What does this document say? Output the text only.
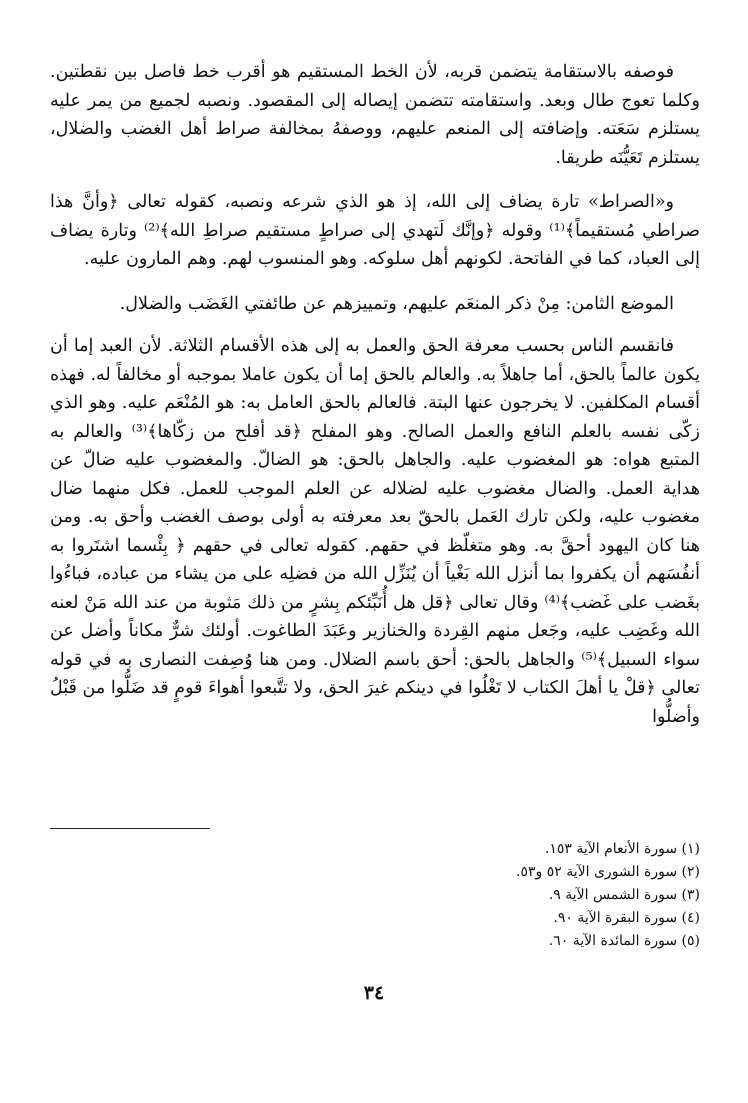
فوصفه بالاستقامة يتضمن قربه، لأن الخط المستقيم هو أقرب خط فاصل بين نقطتين. وكلما تعوج طال وبعد. واستقامته تتضمن إيصاله إلى المقصود. ونصبه لجميع من يمر عليه يستلزم سَعَته. وإضافته إلى المنعم عليهم، ووصفهُ بمخالفة صراط أهل الغضب والضلال، يستلزم تَعَيُّنَه طريقا.

و«الصراط» تارة يضاف إلى الله، إذ هو الذي شرعه ونصبه، كقوله تعالى ﴿وأنَّ هذا صراطي مُستقيماً﴾⁽¹⁾ وقوله ﴿وإنَّك لَتهدي إلى صراطٍ مستقيم صراطِ الله﴾⁽²⁾ وتارة يضاف إلى العباد، كما في الفاتحة. لكونهم أهل سلوكه. وهو المنسوب لهم. وهم المارون عليه.

الموضع الثامن: مِنْ ذكر المنعَم عليهم، وتمييزهم عن طائفتي الغَضَب والضلال.

فانقسم الناس بحسب معرفة الحق والعمل به إلى هذه الأقسام الثلاثة. لأن العبد إما أن يكون عالماً بالحق، أما جاهلاً به. والعالم بالحق إما أن يكون عاملا بموجبه أو مخالفاً له. فهذه أقسام المكلفين. لا يخرجون عنها البتة. فالعالم بالحق العامل به: هو المُنْعَم عليه. وهو الذي زكّى نفسه بالعلم النافع والعمل الصالح. وهو المفلح ﴿قد أفلح من زكّاها﴾⁽³⁾ والعالم به المتبع هواه: هو المغضوب عليه. والجاهل بالحق: هو الضالّ. والمغضوب عليه ضالّ عن هداية العمل. والضال مغضوب عليه لضلاله عن العلم الموجب للعمل. فكل منهما ضال مغضوب عليه، ولكن تارك العَمل بالحقّ بعد معرفته به أولى بوصف الغضب وأحق به. ومن هنا كان اليهود أحقَّ به. وهو متغلّظ في حقهم. كقوله تعالى في حقهم ﴿ بِئْسما اشتَروا به أنفُسَهم أن يكفروا بما أنزل الله بَغْياً أن يُنَزِّل الله من فضلِه على من يشاء من عباده، فباءُوا بغَضب على غَضب﴾⁽⁴⁾ وقال تعالى ﴿قل هل أُنَبِّئكم بِشرٍ من ذلك مَثوبة من عند الله مَنْ لعنه الله وغَضِب عليه، وجَعل منهم القِردة والخنازير وعَبَدَ الطاغوت. أولئك شرٌّ مكاناً وأضل عن سواء السبيل﴾⁽⁵⁾ والجاهل بالحق: أحق باسم الضلال. ومن هنا وُصِفت النصارى به في قوله تعالى ﴿قلْ يا أهلَ الكتاب لا تَغْلُوا في دينكم غيرَ الحق، ولا تتَّبعوا أهواءَ قومٍ قد ضَلُّوا من قَبْلُ وأضلُّوا

(١) سورة الأنعام الآية ١٥٣.
(٢) سورة الشورى الآية ٥٢ و٥٣.
(٣) سورة الشمس الآية ٩.
(٤) سورة البقرة الآية ٩٠.
(٥) سورة المائدة الآية ٦٠.
٣٤
